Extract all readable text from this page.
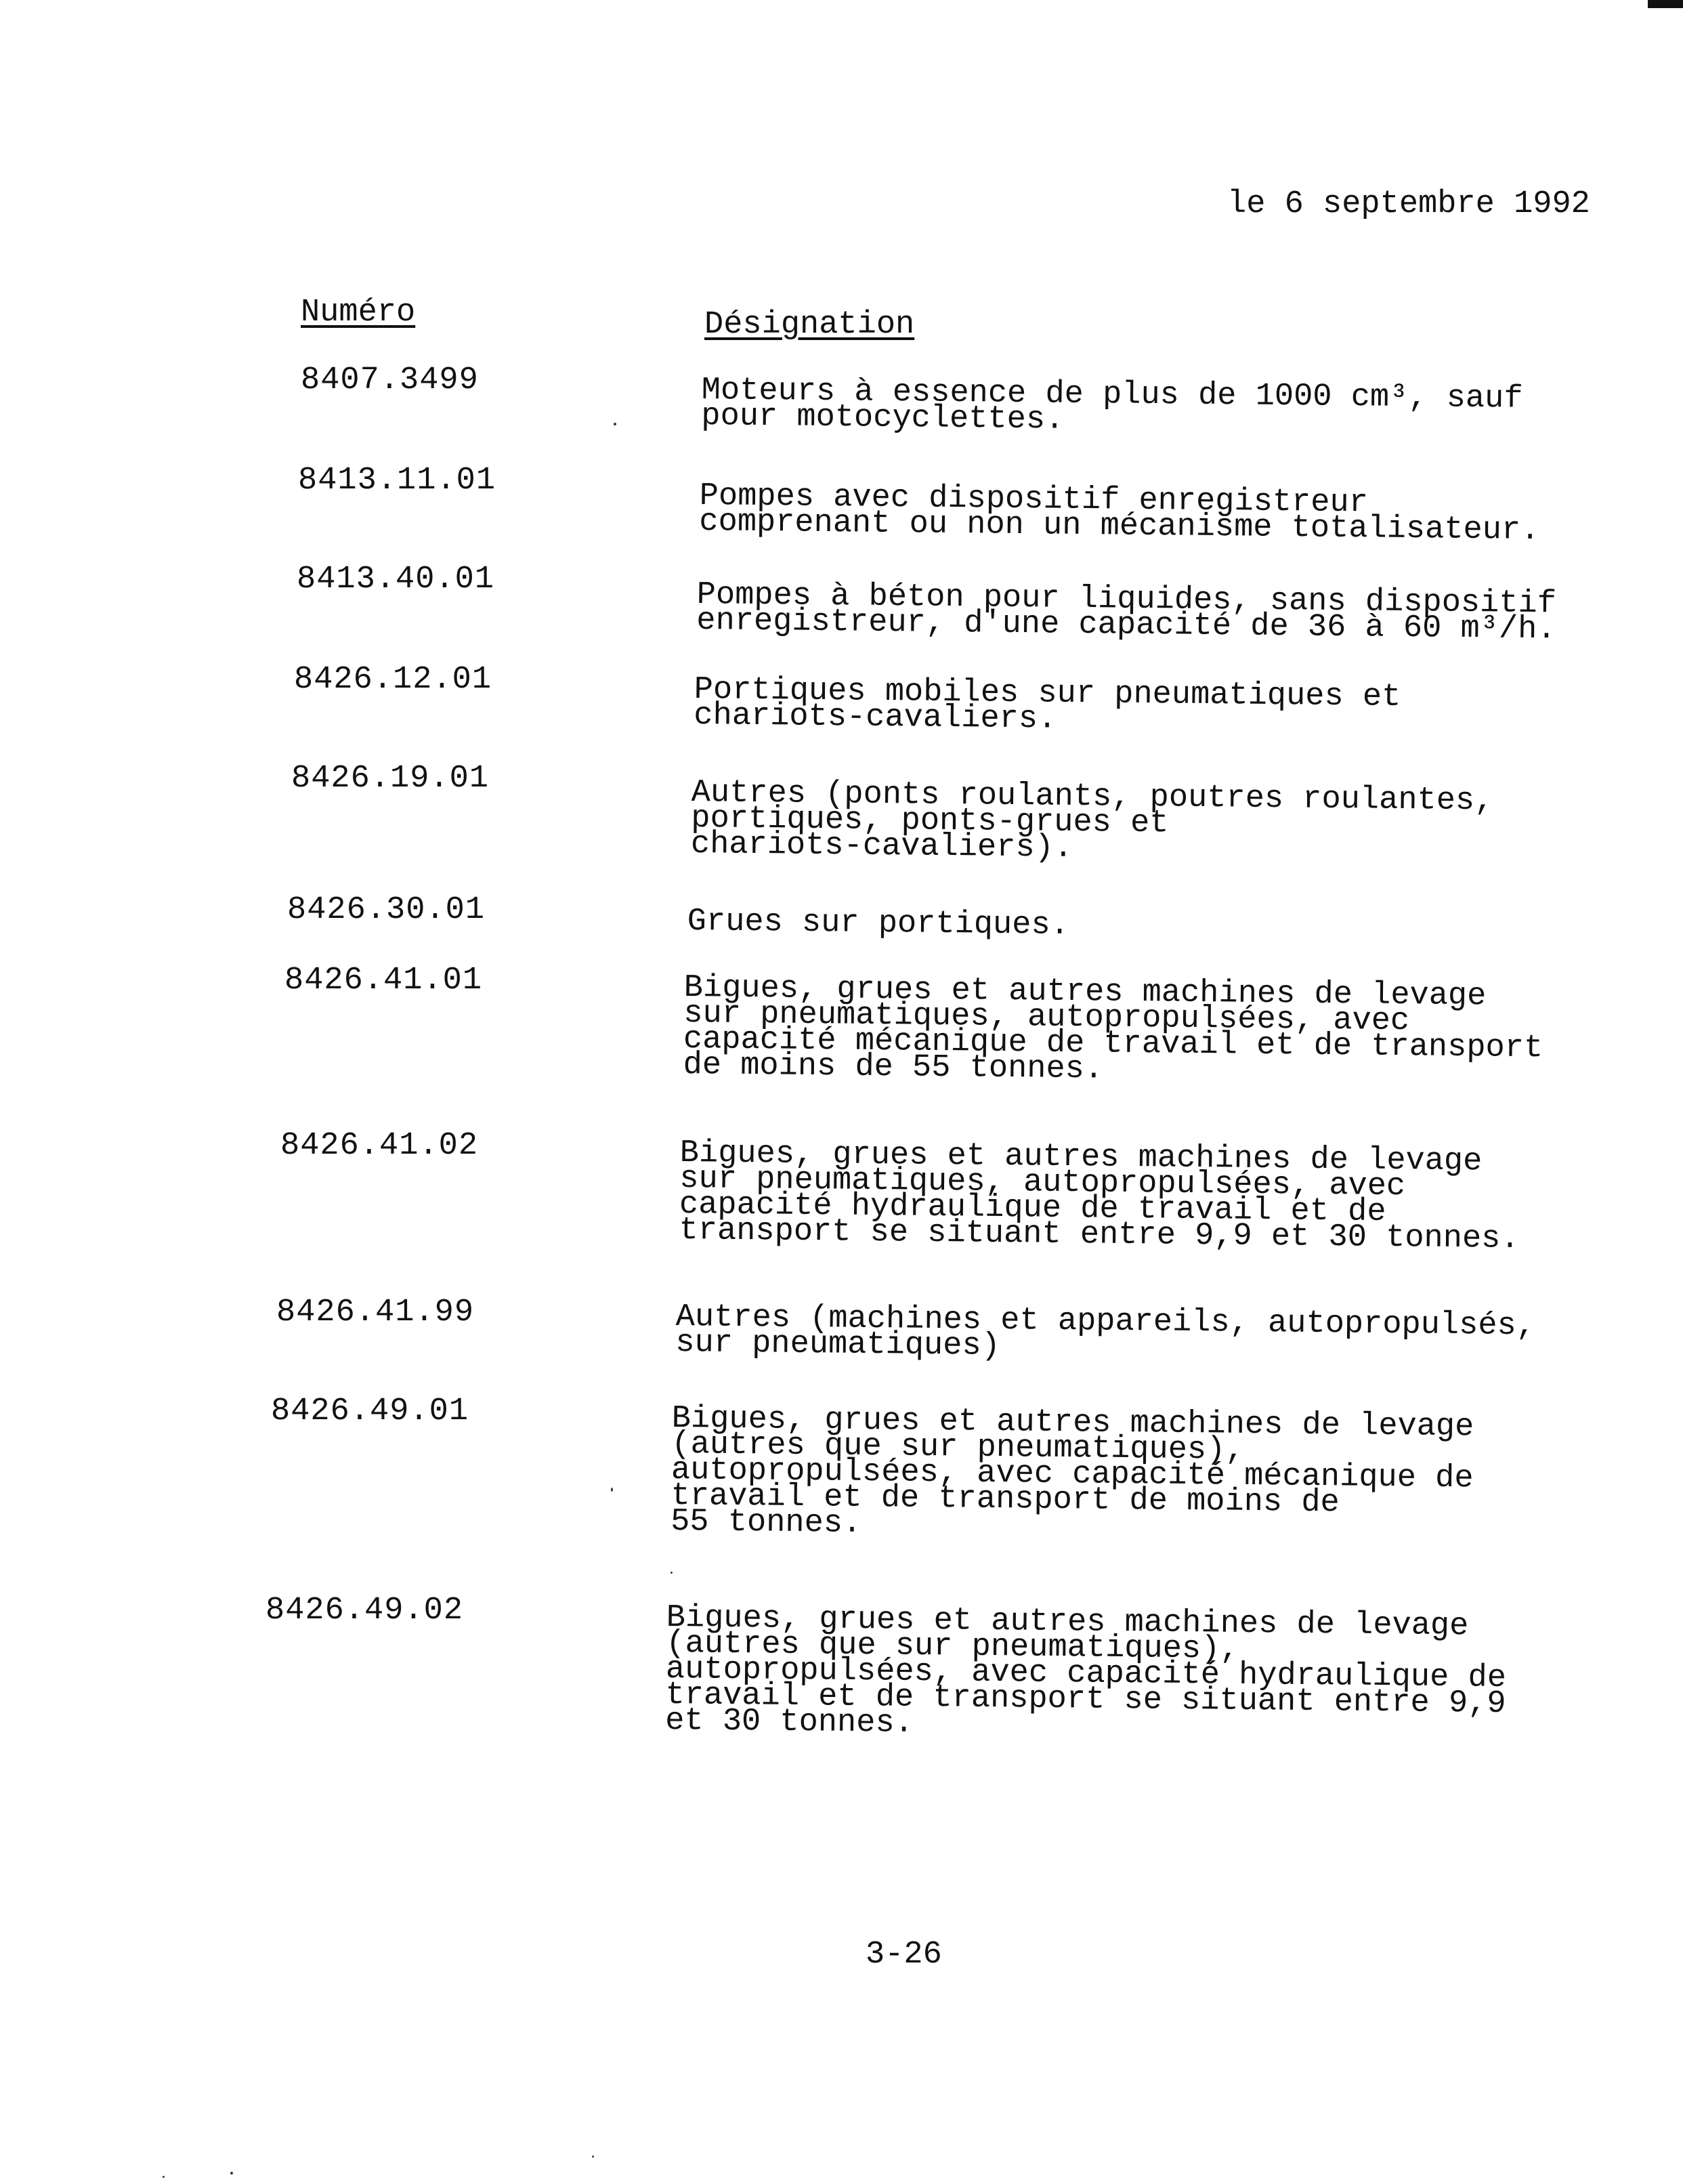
le 6 septembre 1992
Numéro	Désignation
8407.3499	Moteurs à essence de plus de 1000 cm³, sauf
pour motocyclettes.
8413.11.01	Pompes avec dispositif enregistreur
comprenant ou non un mécanisme totalisateur.
8413.40.01	Pompes à béton pour liquides, sans dispositif
enregistreur, d'une capacité de 36 à 60 m³/h.
8426.12.01	Portiques mobiles sur pneumatiques et
chariots-cavaliers.
8426.19.01	Autres (ponts roulants, poutres roulantes,
portiques, ponts-grues et
chariots-cavaliers).
8426.30.01	Grues sur portiques.
8426.41.01	Bigues, grues et autres machines de levage
sur pneumatiques, autopropulsées, avec
capacité mécanique de travail et de transport
de moins de 55 tonnes.
8426.41.02	Bigues, grues et autres machines de levage
sur pneumatiques, autopropulsées, avec
capacité hydraulique de travail et de
transport se situant entre 9,9 et 30 tonnes.
8426.41.99	Autres (machines et appareils, autopropulsés,
sur pneumatiques)
8426.49.01	Bigues, grues et autres machines de levage
(autres que sur pneumatiques),
autopropulsées, avec capacité mécanique de
travail et de transport de moins de
55 tonnes.
8426.49.02	Bigues, grues et autres machines de levage
(autres que sur pneumatiques),
autopropulsées, avec capacité hydraulique de
travail et de transport se situant entre 9,9
et 30 tonnes.
3-26
